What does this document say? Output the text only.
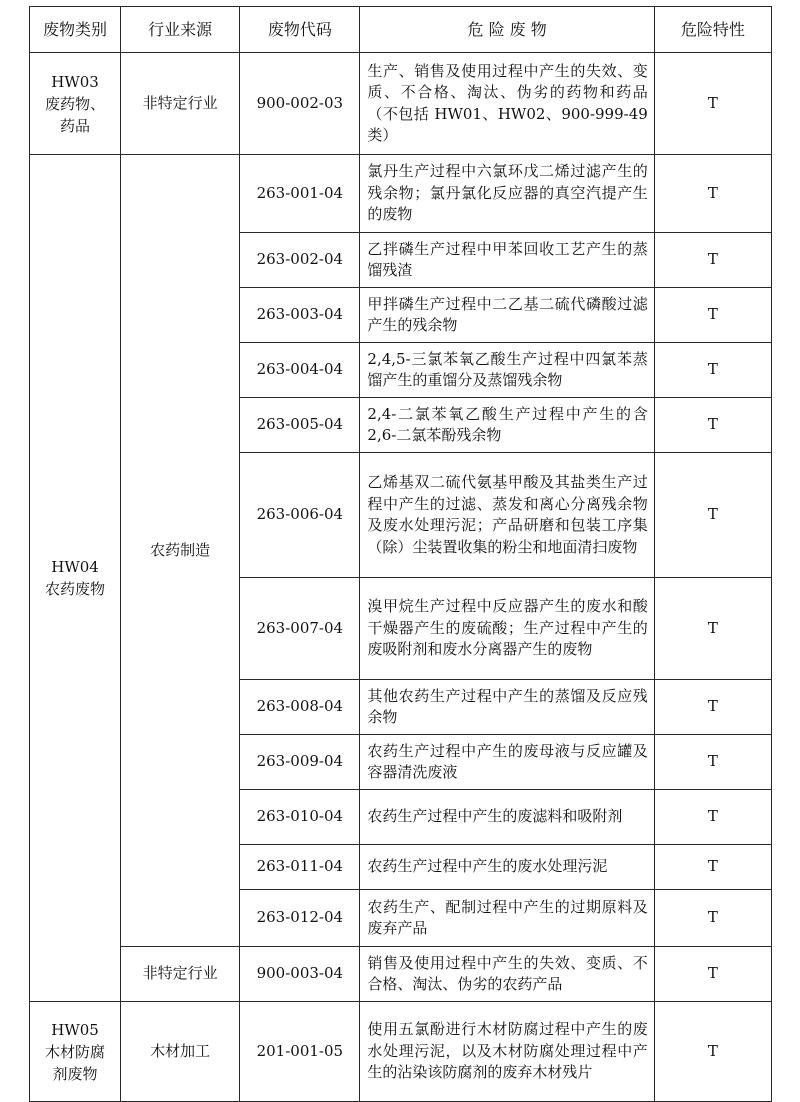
废物类别	行业来源	废物代码	危 险 废 物	危险特性
HW03
废药物、
药品	非特定行业	900-002-03	生产、销售及使用过程中产生的失效、变质、不合格、淘汰、伪劣的药物和药品（不包括 HW01、HW02、900-999-49 类）	T
HW04
农药废物	农药制造	263-001-04	氯丹生产过程中六氯环戊二烯过滤产生的残余物；氯丹氯化反应器的真空汽提产生的废物	T
		263-002-04	乙拌磷生产过程中甲苯回收工艺产生的蒸馏残渣	T
		263-003-04	甲拌磷生产过程中二乙基二硫代磷酸过滤产生的残余物	T
		263-004-04	2,4,5-三氯苯氧乙酸生产过程中四氯苯蒸馏产生的重馏分及蒸馏残余物	T
		263-005-04	2,4-二氯苯氧乙酸生产过程中产生的含 2,6-二氯苯酚残余物	T
		263-006-04	乙烯基双二硫代氨基甲酸及其盐类生产过程中产生的过滤、蒸发和离心分离残余物及废水处理污泥；产品研磨和包装工序集（除）尘装置收集的粉尘和地面清扫废物	T
		263-007-04	溴甲烷生产过程中反应器产生的废水和酸干燥器产生的废硫酸；生产过程中产生的废吸附剂和废水分离器产生的废物	T
		263-008-04	其他农药生产过程中产生的蒸馏及反应残余物	T
		263-009-04	农药生产过程中产生的废母液与反应罐及容器清洗废液	T
		263-010-04	农药生产过程中产生的废滤料和吸附剂	T
		263-011-04	农药生产过程中产生的废水处理污泥	T
		263-012-04	农药生产、配制过程中产生的过期原料及废弃产品	T
	非特定行业	900-003-04	销售及使用过程中产生的失效、变质、不合格、淘汰、伪劣的农药产品	T
HW05
木材防腐
剂废物	木材加工	201-001-05	使用五氯酚进行木材防腐过程中产生的废水处理污泥，以及木材防腐处理过程中产生的沾染该防腐剂的废弃木材残片	T
